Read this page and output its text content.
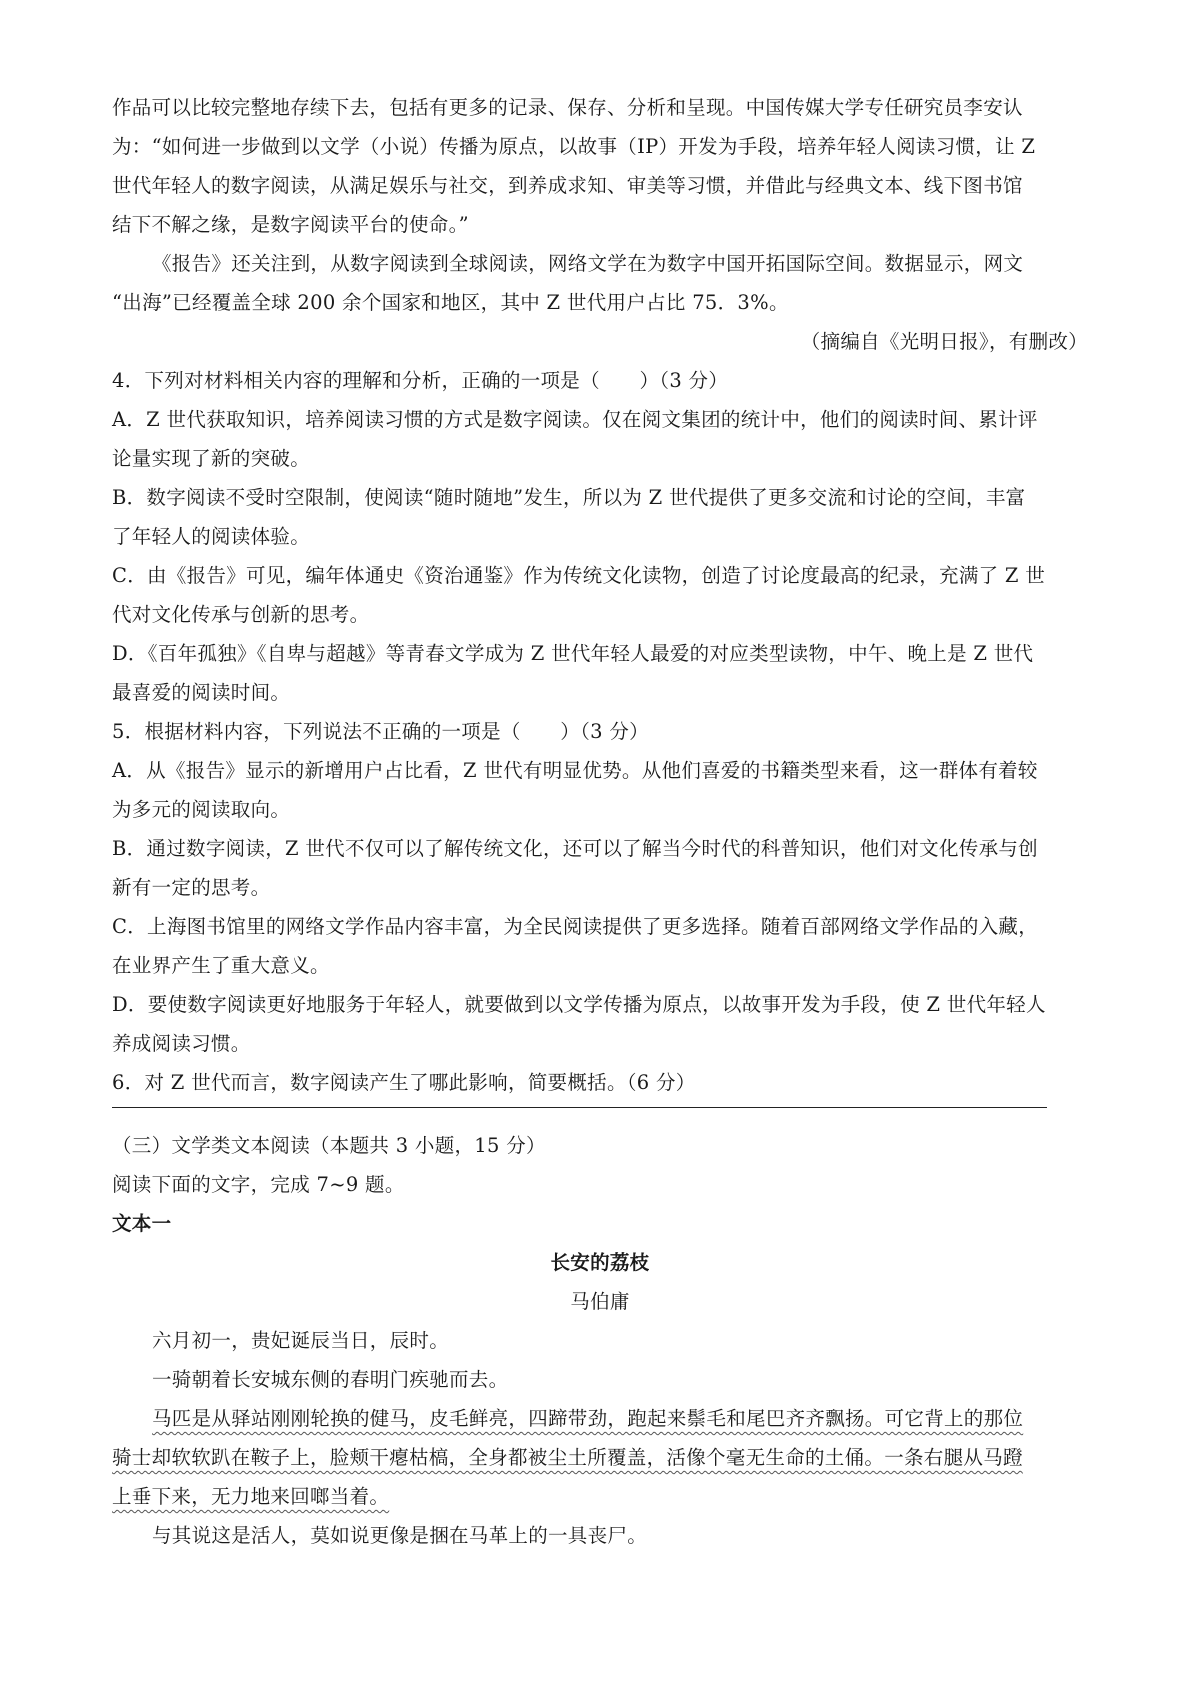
作品可以比较完整地存续下去，包括有更多的记录、保存、分析和呈现。中国传媒大学专任研究员李安认
为：“如何进一步做到以文学（小说）传播为原点，以故事（IP）开发为手段，培养年轻人阅读习惯，让 Z
世代年轻人的数字阅读，从满足娱乐与社交，到养成求知、审美等习惯，并借此与经典文本、线下图书馆
结下不解之缘，是数字阅读平台的使命。”
《报告》还关注到，从数字阅读到全球阅读，网络文学在为数字中国开拓国际空间。数据显示，网文
“出海”已经覆盖全球 200 余个国家和地区，其中 Z 世代用户占比 75．3%。
（摘编自《光明日报》，有删改）
4．下列对材料相关内容的理解和分析，正确的一项是（　　）（3 分）
A．Z 世代获取知识，培养阅读习惯的方式是数字阅读。仅在阅文集团的统计中，他们的阅读时间、累计评
论量实现了新的突破。
B．数字阅读不受时空限制，使阅读“随时随地”发生，所以为 Z 世代提供了更多交流和讨论的空间，丰富
了年轻人的阅读体验。
C．由《报告》可见，编年体通史《资治通鉴》作为传统文化读物，创造了讨论度最高的纪录，充满了 Z 世
代对文化传承与创新的思考。
D．《百年孤独》《自卑与超越》等青春文学成为 Z 世代年轻人最爱的对应类型读物，中午、晚上是 Z 世代
最喜爱的阅读时间。
5．根据材料内容，下列说法不正确的一项是（　　）（3 分）
A．从《报告》显示的新增用户占比看，Z 世代有明显优势。从他们喜爱的书籍类型来看，这一群体有着较
为多元的阅读取向。
B．通过数字阅读，Z 世代不仅可以了解传统文化，还可以了解当今时代的科普知识，他们对文化传承与创
新有一定的思考。
C．上海图书馆里的网络文学作品内容丰富，为全民阅读提供了更多选择。随着百部网络文学作品的入藏，
在业界产生了重大意义。
D．要使数字阅读更好地服务于年轻人，就要做到以文学传播为原点，以故事开发为手段，使 Z 世代年轻人
养成阅读习惯。
6．对 Z 世代而言，数字阅读产生了哪此影响，简要概括。（6 分）
（三）文学类文本阅读（本题共 3 小题，15 分）
阅读下面的文字，完成 7~9 题。
文本一
长安的荔枝
马伯庸
六月初一，贵妃诞辰当日，辰时。
一骑朝着长安城东侧的春明门疾驰而去。
马匹是从驿站刚刚轮换的健马，皮毛鲜亮，四蹄带劲，跑起来鬃毛和尾巴齐齐飘扬。可它背上的那位
骑士却软软趴在鞍子上，脸颊干瘪枯槁，全身都被尘土所覆盖，活像个毫无生命的土俑。一条右腿从马蹬
上垂下来，无力地来回啷当着。
与其说这是活人，莫如说更像是捆在马革上的一具丧尸。
